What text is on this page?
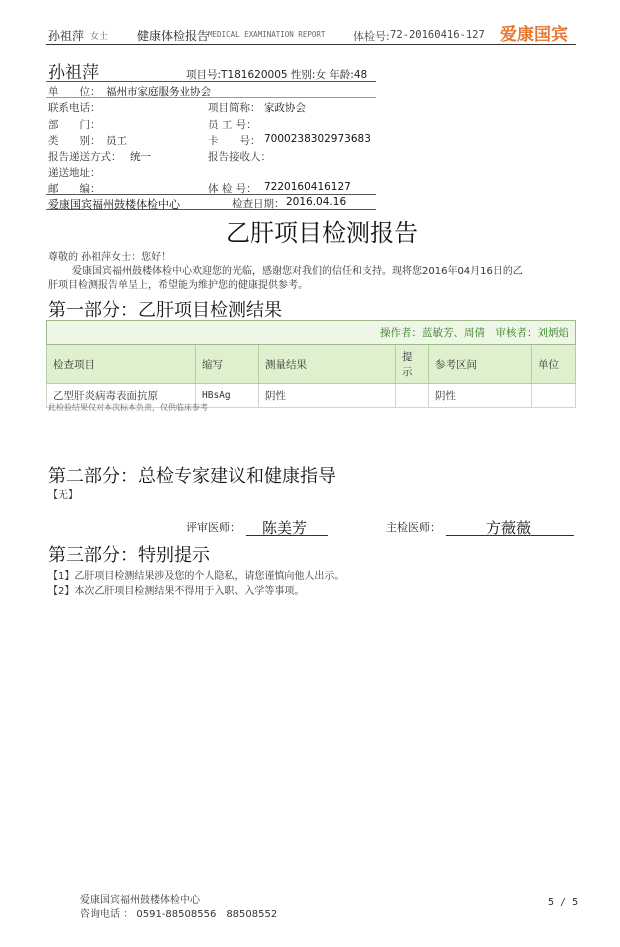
孙祖萍 女士 健康体检报告
MEDICAL EXAMINATION REPORT	体检号: 72-20160416-127 爱康国宾
孙祖萍	项目号:T181620005 性别:女 年龄:48
单　　位： 福州市家庭服务业协会
联系电话：	项目简称： 家政协会
部　　门：	员 工 号：
类　　别： 员工	卡　　号： 7000238302973683
报告递送方式： 统一	报告接收人：
递送地址：
邮　　编：	体 检 号： 7220160416127
爱康国宾福州鼓楼体检中心	检查日期： 2016.04.16
乙肝项目检测报告
尊敬的 孙祖萍女士：您好！
爱康国宾福州鼓楼体检中心欢迎您的光临，感谢您对我们的信任和支持。现将您2016年04月16日的乙
肝项目检测报告单呈上，希望能为维护您的健康提供参考。
第一部分：乙肝项目检测结果
操作者：蓝敏芳、周倩　审核者：刘炳焰					
检查项目	缩写	测量结果	提示	参考区间	单位
乙型肝炎病毒表面抗原	HBsAg	阴性		阴性	
此检验结果仅对本次标本负责，仅供临床参考
第二部分：总检专家建议和健康指导
【无】
评审医师： 陈美芳	主检医师：	方薇薇
第三部分：特别提示
【1】乙肝项目检测结果涉及您的个人隐私，请您谨慎向他人出示。
【2】本次乙肝项目检测结果不得用于入职、入学等事项。
爱康国宾福州鼓楼体检中心
咨询电话 ： 0591-88508556　88508552
5 / 5
